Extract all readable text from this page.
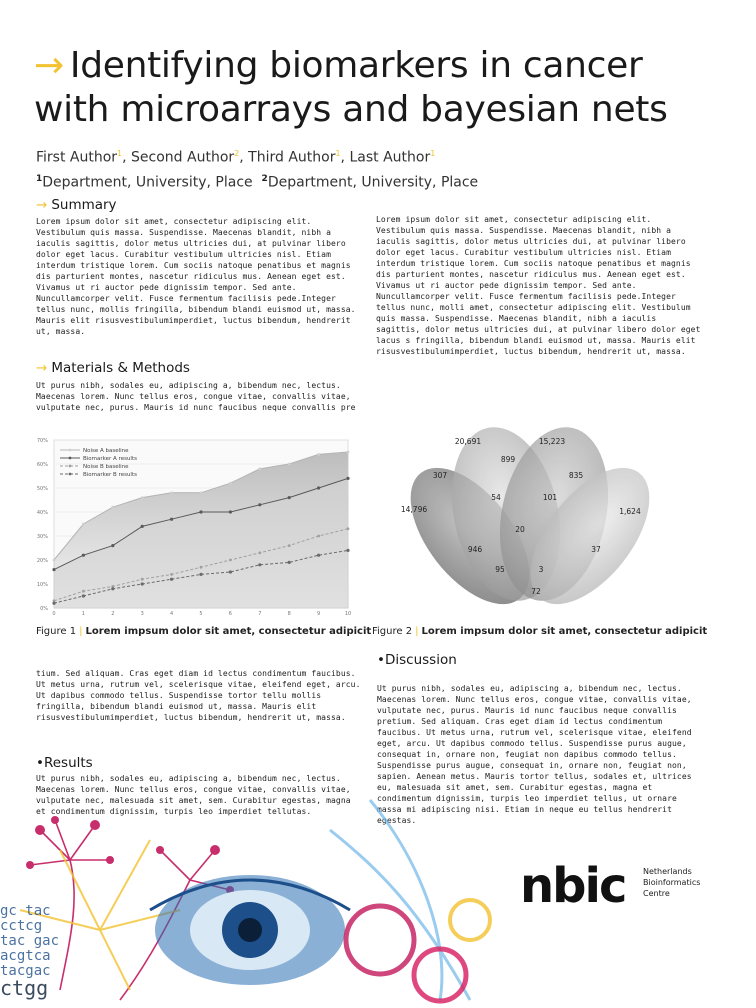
→ Identifying biomarkers in cancer
with microarrays and bayesian nets
First Author$^1$, Second Author$^2$, Third Author$^1$, Last Author$^1$
$^1$Department, University, Place $^2$Department, University, Place
→ Summary
Lorem ipsum dolor sit amet, consectetur adipiscing elit. Vestibulum quis massa. Suspendisse. Maecenas blandit, nibh a iaculis sagittis, dolor metus ultricies dui, at pulvinar libero dolor eget lacus. Curabitur vestibulum ultricies nisl. Etiam interdum tristique lorem. Cum sociis natoque penatibus et magnis dis parturient montes, nascetur ridiculus mus. Aenean eget est. Vivamus ut ri auctor pede dignissim tempor. Sed ante. Nuncullamcorper velit. Fusce fermentum facilisis pede.Integer tellus nunc, mollis fringilla, bibendum blandi euismod ut, massa. Mauris elit risusvestibulumimperdiet, luctus bibendum, hendrerit ut, massa.
Lorem ipsum dolor sit amet, consectetur adipiscing elit. Vestibulum quis massa. Suspendisse. Maecenas blandit, nibh a iaculis sagittis, dolor metus ultricies dui, at pulvinar libero dolor eget lacus. Curabitur vestibulum ultricies nisl. Etiam interdum tristique lorem. Cum sociis natoque penatibus et magnis dis parturient montes, nascetur ridiculus mus. Aenean eget est. Vivamus ut ri auctor pede dignissim tempor. Sed ante. Nuncullamcorper velit. Fusce fermentum facilisis pede.Integer tellus nunc, molli amet, consectetur adipiscing elit. Vestibulum quis massa. Suspendisse. Maecenas blandit, nibh a iaculis sagittis, dolor metus ultricies dui, at pulvinar libero dolor eget lacus s fringilla, bibendum blandi euismod ut, massa. Mauris elit risusvestibulumimperdiet, luctus bibendum, hendrerit ut, massa.
→ Materials & Methods
Ut purus nibh, sodales eu, adipiscing a, bibendum nec, lectus. Maecenas lorem. Nunc tellus eros, congue vitae, convallis vitae, vulputate nec, purus. Mauris id nunc faucibus neque convallis pre
0%
10%
20%
30%
40%
50%
60%
70%
0	1	2	3	4	5	6	7	8	9	10
Noise A baseline
Biomarker A results
Noise B baseline
Biomarker B results
Figure 1 | Lorem impsum dolor sit amet, consectetur adipicit
20,691	15,223
899
307	835
54	101
14,796	1,624
20
946	37
95	3
72
Figure 2 | Lorem impsum dolor sit amet, consectetur adipicit
tium. Sed aliquam. Cras eget diam id lectus condimentum faucibus. Ut metus urna, rutrum vel, scelerisque vitae, eleifend eget, arcu. Ut dapibus commodo tellus. Suspendisse tortor tellu mollis fringilla, bibendum blandi euismod ut, massa. Mauris elit risusvestibulumimperdiet, luctus bibendum, hendrerit ut, massa.
•Results
Ut purus nibh, sodales eu, adipiscing a, bibendum nec, lectus. Maecenas lorem. Nunc tellus eros, congue vitae, convallis vitae, vulputate nec, malesuada sit amet, sem. Curabitur egestas, magna et condimentum dignissim, turpis leo imperdiet tellutas.
•Discussion
Ut purus nibh, sodales eu, adipiscing a, bibendum nec, lectus. Maecenas lorem. Nunc tellus eros, congue vitae, convallis vitae, vulputate nec, purus. Mauris id nunc faucibus neque convallis pretium. Sed aliquam. Cras eget diam id lectus condimentum faucibus. Ut metus urna, rutrum vel, scelerisque vitae, eleifend eget, arcu. Ut dapibus commodo tellus. Suspendisse purus augue, consequat in, ornare non, feugiat non dapibus commodo tellus. Suspendisse purus augue, consequat in, ornare non, feugiat non, sapien. Aenean metus. Mauris tortor tellus, sodales et, ultrices eu, malesuada sit amet, sem. Curabitur egestas, magna et condimentum dignissim, turpis leo imperdiet tellus, ut ornare massa mi adipiscing nisi. Etiam in neque eu tellus hendrerit egestas.
gc tac
cctcg
tac gac
acgtca
tacgac
ctgg
nbic Netherlands
Bioinformatics
Centre
